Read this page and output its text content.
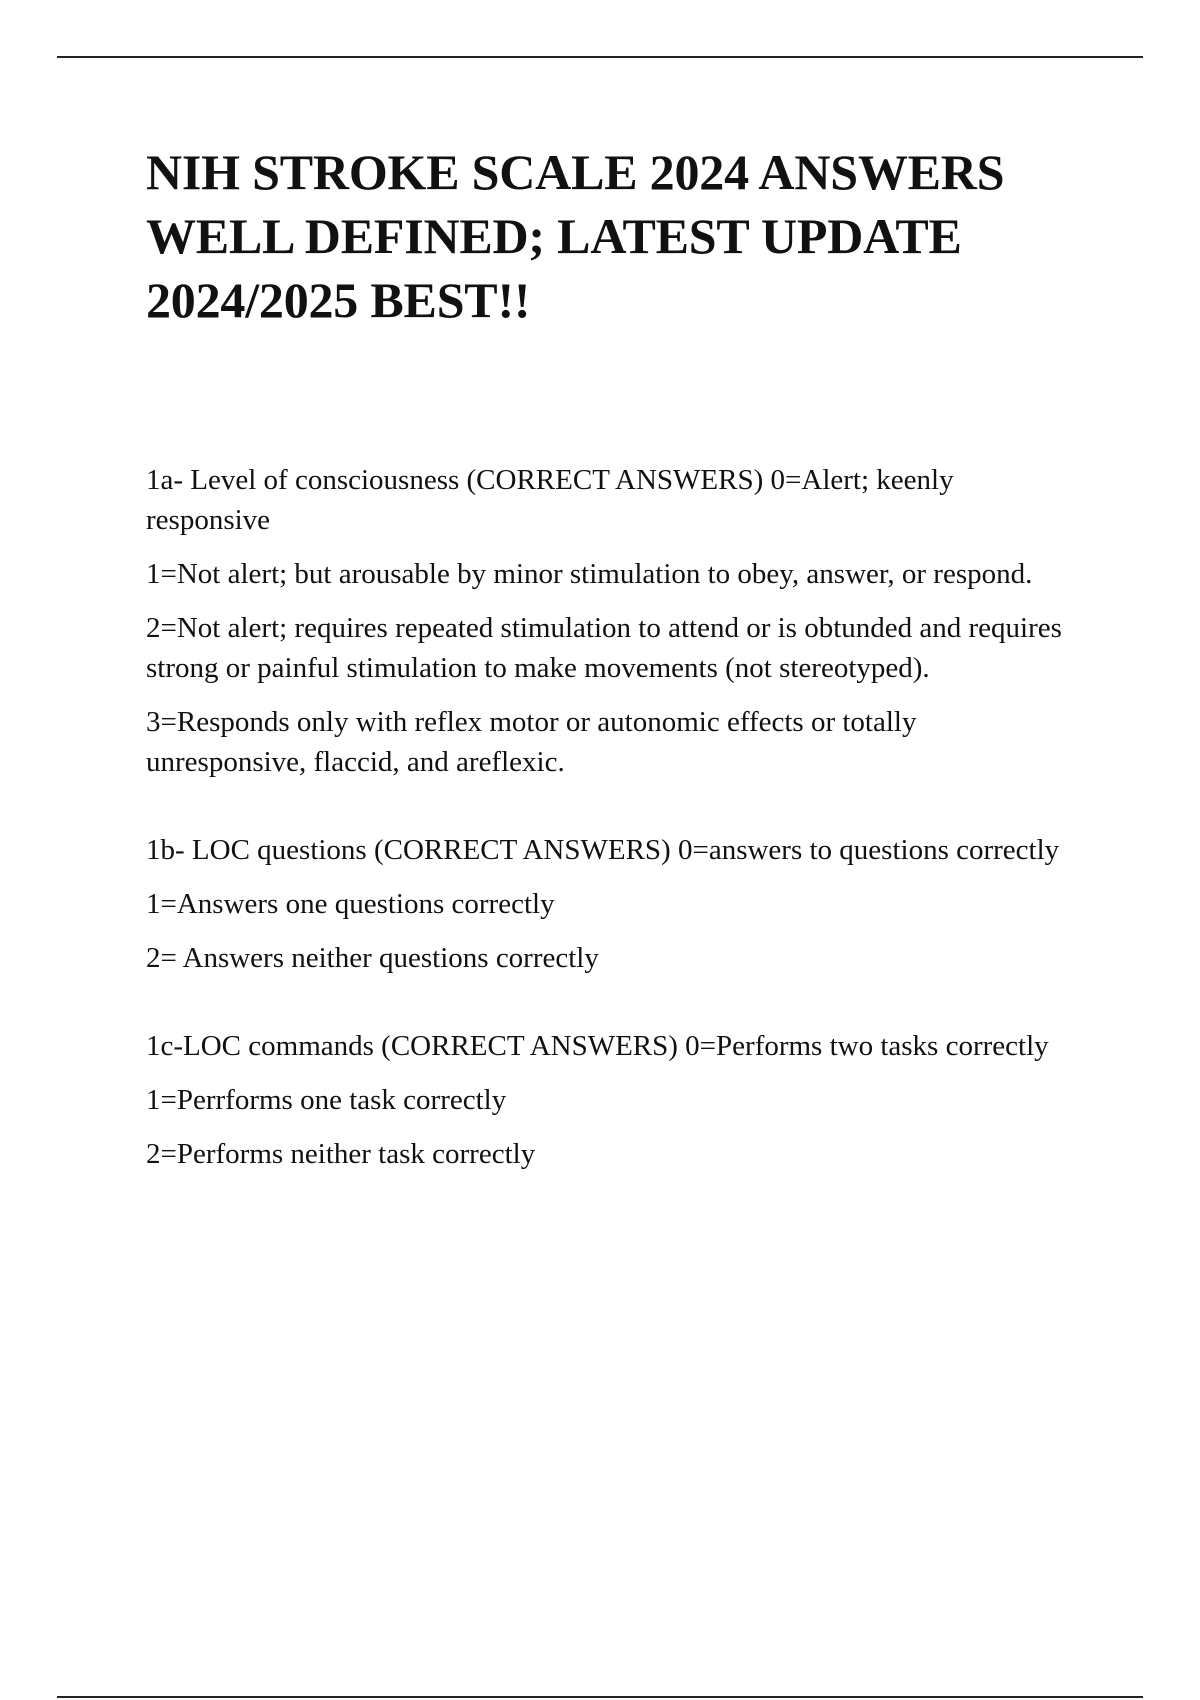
NIH STROKE SCALE 2024 ANSWERS WELL DEFINED; LATEST UPDATE 2024/2025 BEST!!

1a- Level of consciousness (CORRECT ANSWERS) 0=Alert; keenly responsive

1=Not alert; but arousable by minor stimulation to obey, answer, or respond.

2=Not alert; requires repeated stimulation to attend or is obtunded and requires strong or painful stimulation to make movements (not stereotyped).

3=Responds only with reflex motor or autonomic effects or totally unresponsive, flaccid, and areflexic.

1b- LOC questions (CORRECT ANSWERS) 0=answers to questions correctly

1=Answers one questions correctly

2= Answers neither questions correctly

1c-LOC commands (CORRECT ANSWERS) 0=Performs two tasks correctly

1=Perrforms one task correctly

2=Performs neither task correctly
